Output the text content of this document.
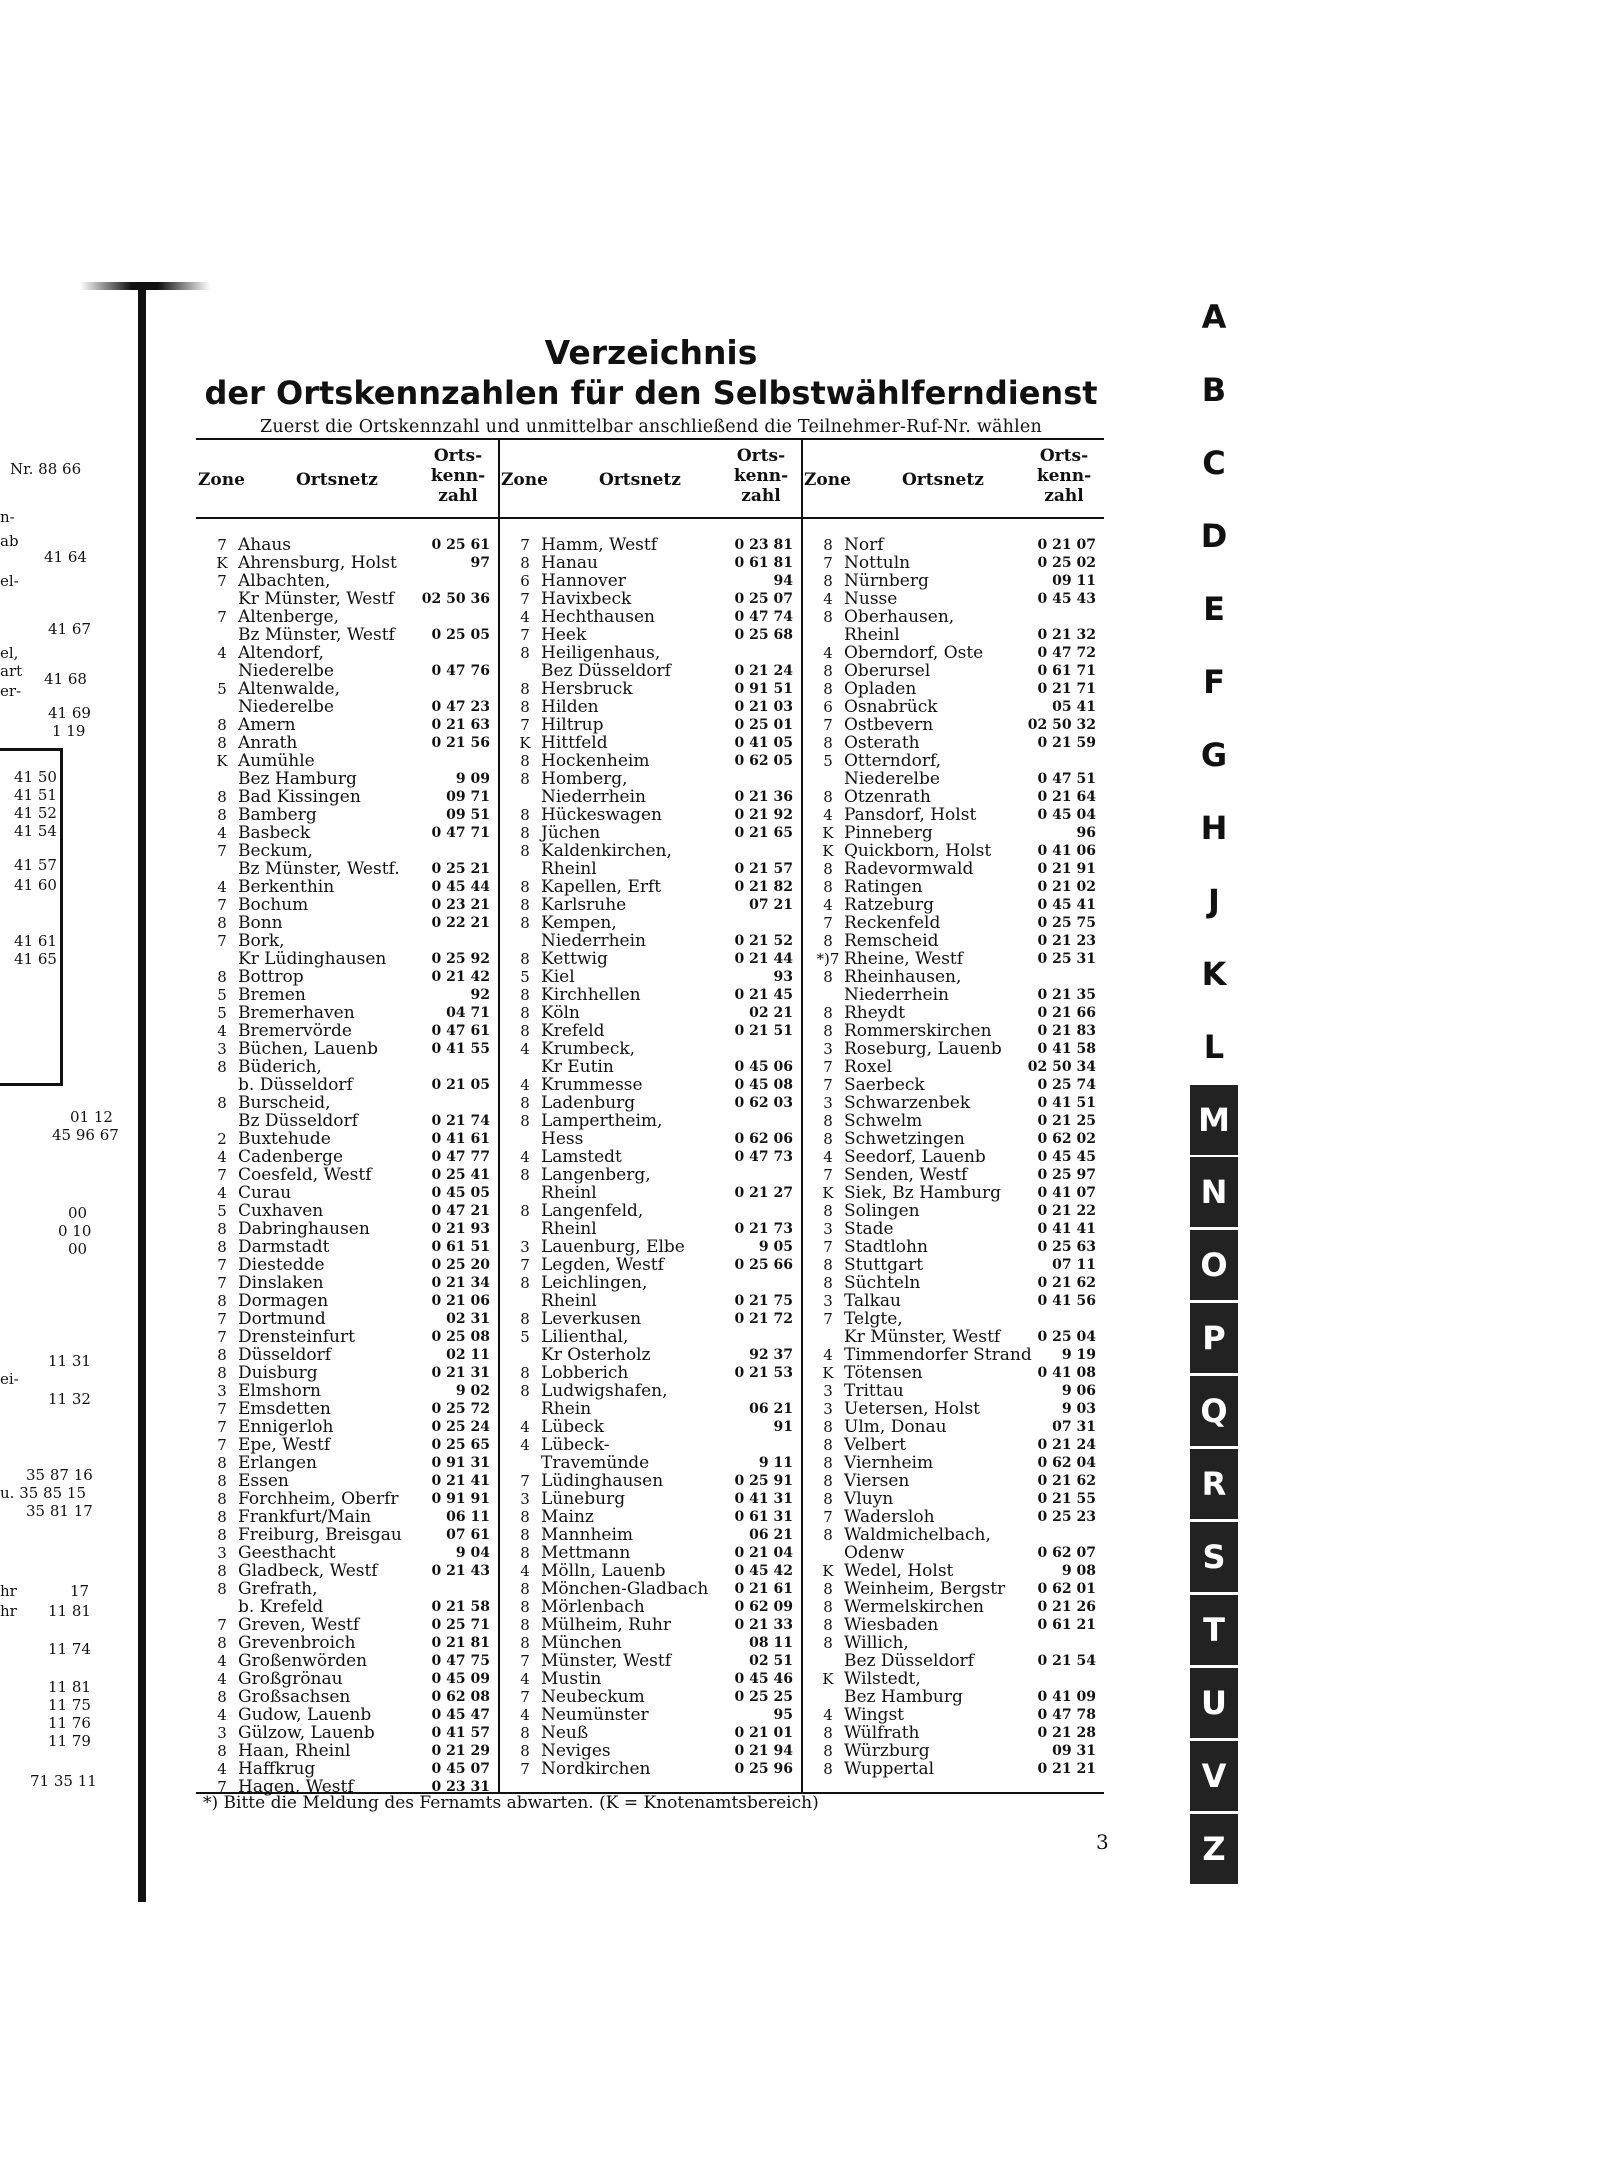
Nr. 88 66
n-
ab
41 64
el-
41 67
el,
art 41 68
er-
41 69
1 19
41 50
41 51
41 52
41 54
41 57
41 60
41 61
41 65
01 12
45 96 67
00
0 10
00
11 31
ei-
11 32
35 87 16
u. 35 85 15
35 81 17
hr	17
hr 11 81
11 74
11 81
11 75
11 76
11 79
71 35 11
Verzeichnis
der Ortskennzahlen für den Selbstwählferndienst
Zuerst die Ortskennzahl und unmittelbar anschließend die Teilnehmer-Ruf-Nr. wählen
Zone	Ortsnetz
Orts-
kenn-
zahl
7 Ahaus	0 25 61
K Ahrensburg, Holst	97
7 Albachten,
Kr Münster, Westf 02 50 36
7 Altenberge,
Bz Münster, Westf	0 25 05
4 Altendorf,
Niederelbe	0 47 76
5 Altenwalde,
Niederelbe	0 47 23
8 Amern	0 21 63
8 Anrath	0 21 56
K Aumühle
Bez Hamburg	9 09
8 Bad Kissingen	09 71
8 Bamberg	09 51
4 Basbeck	0 47 71
7 Beckum,
Bz Münster, Westf. 0 25 21
4 Berkenthin	0 45 44
7 Bochum	0 23 21
8 Bonn	0 22 21
7 Bork,
Kr Lüdinghausen	0 25 92
8 Bottrop	0 21 42
5 Bremen	92
5 Bremerhaven	04 71
4 Bremervörde	0 47 61
3 Büchen, Lauenb	0 41 55
8 Büderich,
b. Düsseldorf	0 21 05
8 Burscheid,
Bz Düsseldorf	0 21 74
2 Buxtehude	0 41 61
4 Cadenberge	0 47 77
7 Coesfeld, Westf	0 25 41
4 Curau	0 45 05
5 Cuxhaven	0 47 21
8 Dabringhausen	0 21 93
8 Darmstadt	0 61 51
7 Diestedde	0 25 20
7 Dinslaken	0 21 34
8 Dormagen	0 21 06
7 Dortmund	02 31
7 Drensteinfurt	0 25 08
8 Düsseldorf	02 11
8 Duisburg	0 21 31
3 Elmshorn	9 02
7 Emsdetten	0 25 72
7 Ennigerloh	0 25 24
7 Epe, Westf	0 25 65
8 Erlangen	0 91 31
8 Essen	0 21 41
8 Forchheim, Oberfr 0 91 91
8 Frankfurt/Main	06 11
8 Freiburg, Breisgau	07 61
3 Geesthacht	9 04
8 Gladbeck, Westf	0 21 43
8 Grefrath,
b. Krefeld	0 21 58
7 Greven, Westf	0 25 71
8 Grevenbroich	0 21 81
4 Großenwörden	0 47 75
4 Großgrönau	0 45 09
8 Großsachsen	0 62 08
4 Gudow, Lauenb	0 45 47
3 Gülzow, Lauenb	0 41 57
8 Haan, Rheinl	0 21 29
4 Haffkrug	0 45 07
7 Hagen, Westf	0 23 31
Zone	Ortsnetz
Orts-
kenn-
zahl
7 Hamm, Westf	0 23 81
8 Hanau	0 61 81
6 Hannover	94
7 Havixbeck	0 25 07
4 Hechthausen	0 47 74
7 Heek	0 25 68
8 Heiligenhaus,
Bez Düsseldorf	0 21 24
8 Hersbruck	0 91 51
8 Hilden	0 21 03
7 Hiltrup	0 25 01
K Hittfeld	0 41 05
8 Hockenheim	0 62 05
8 Homberg,
Niederrhein	0 21 36
8 Hückeswagen	0 21 92
8 Jüchen	0 21 65
8 Kaldenkirchen,
Rheinl	0 21 57
8 Kapellen, Erft	0 21 82
8 Karlsruhe	07 21
8 Kempen,
Niederrhein	0 21 52
8 Kettwig	0 21 44
5 Kiel	93
8 Kirchhellen	0 21 45
8 Köln	02 21
8 Krefeld	0 21 51
4 Krumbeck,
Kr Eutin	0 45 06
4 Krummesse	0 45 08
8 Ladenburg	0 62 03
8 Lampertheim,
Hess	0 62 06
4 Lamstedt	0 47 73
8 Langenberg,
Rheinl	0 21 27
8 Langenfeld,
Rheinl	0 21 73
3 Lauenburg, Elbe	9 05
7 Legden, Westf	0 25 66
8 Leichlingen,
Rheinl	0 21 75
8 Leverkusen	0 21 72
5 Lilienthal,
Kr Osterholz	92 37
8 Lobberich	0 21 53
8 Ludwigshafen,
Rhein	06 21
4 Lübeck	91
4 Lübeck-
Travemünde	9 11
7 Lüdinghausen	0 25 91
3 Lüneburg	0 41 31
8 Mainz	0 61 31
8 Mannheim	06 21
8 Mettmann	0 21 04
4 Mölln, Lauenb	0 45 42
8 Mönchen-Gladbach 0 21 61
8 Mörlenbach	0 62 09
8 Mülheim, Ruhr	0 21 33
8 München	08 11
7 Münster, Westf	02 51
4 Mustin	0 45 46
7 Neubeckum	0 25 25
4 Neumünster	95
8 Neuß	0 21 01
8 Neviges	0 21 94
7 Nordkirchen	0 25 96
Zone	Ortsnetz
Orts-
kenn-
zahl
8 Norf	0 21 07
7 Nottuln	0 25 02
8 Nürnberg	09 11
4 Nusse	0 45 43
8 Oberhausen,
Rheinl	0 21 32
4 Oberndorf, Oste	0 47 72
8 Oberursel	0 61 71
8 Opladen	0 21 71
6 Osnabrück	05 41
7 Ostbevern	02 50 32
8 Osterath	0 21 59
5 Otterndorf,
Niederelbe	0 47 51
8 Otzenrath	0 21 64
4 Pansdorf, Holst	0 45 04
K Pinneberg	96
K Quickborn, Holst	0 41 06
8 Radevormwald	0 21 91
8 Ratingen	0 21 02
4 Ratzeburg	0 45 41
7 Reckenfeld	0 25 75
8 Remscheid	0 21 23
*)7 Rheine, Westf	0 25 31
8 Rheinhausen,
Niederrhein	0 21 35
8 Rheydt	0 21 66
8 Rommerskirchen	0 21 83
3 Roseburg, Lauenb	0 41 58
7 Roxel	02 50 34
7 Saerbeck	0 25 74
3 Schwarzenbek	0 41 51
8 Schwelm	0 21 25
8 Schwetzingen	0 62 02
4 Seedorf, Lauenb	0 45 45
7 Senden, Westf	0 25 97
K Siek, Bz Hamburg	0 41 07
8 Solingen	0 21 22
3 Stade	0 41 41
7 Stadtlohn	0 25 63
8 Stuttgart	07 11
8 Süchteln	0 21 62
3 Talkau	0 41 56
7 Telgte,
Kr Münster, Westf	0 25 04
4 Timmendorfer Strand 9 19
K Tötensen	0 41 08
3 Trittau	9 06
3 Uetersen, Holst	9 03
8 Ulm, Donau	07 31
8 Velbert	0 21 24
8 Viernheim	0 62 04
8 Viersen	0 21 62
8 Vluyn	0 21 55
7 Wadersloh	0 25 23
8 Waldmichelbach,
Odenw	0 62 07
K Wedel, Holst	9 08
8 Weinheim, Bergstr 0 62 01
8 Wermelskirchen	0 21 26
8 Wiesbaden	0 61 21
8 Willich,
Bez Düsseldorf	0 21 54
K Wilstedt,
Bez Hamburg	0 41 09
4 Wingst	0 47 78
8 Wülfrath	0 21 28
8 Würzburg	09 31
8 Wuppertal	0 21 21
*) Bitte die Meldung des Fernamts abwarten. (K = Knotenamtsbereich)
3
A
B
C
D
E
F
G
H
J
K
L
M
N
O
P
Q
R
S
T
U
V
Z
